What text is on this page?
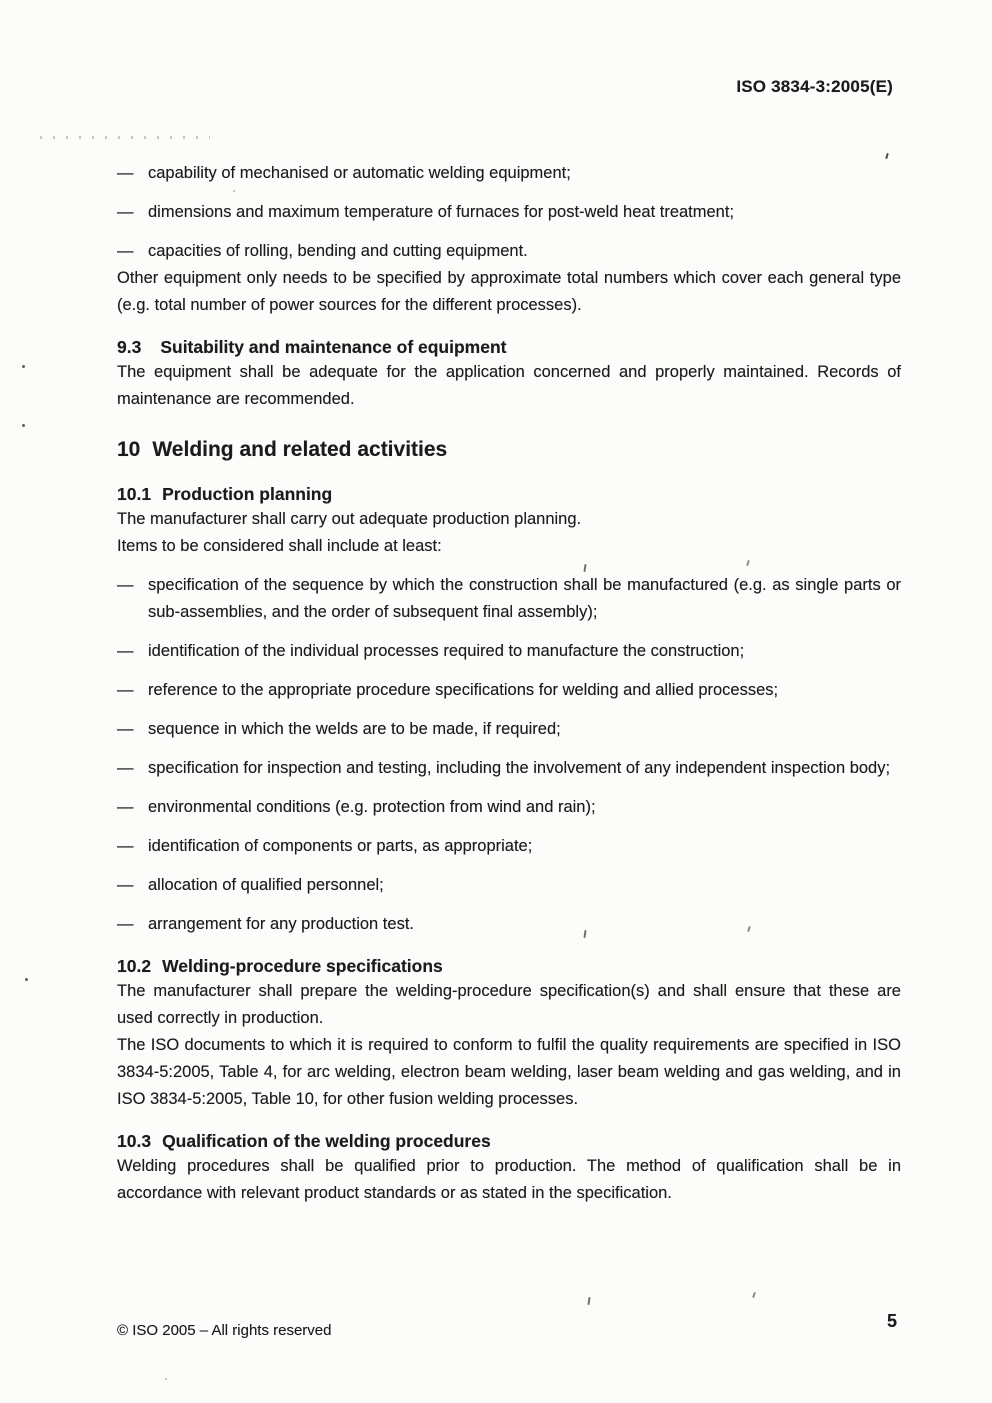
ISO 3834-3:2005(E)
— capability of mechanised or automatic welding equipment;
— dimensions and maximum temperature of furnaces for post-weld heat treatment;
— capacities of rolling, bending and cutting equipment.

Other equipment only needs to be specified by approximate total numbers which cover each general type (e.g. total number of power sources for the different processes).

9.3 Suitability and maintenance of equipment

The equipment shall be adequate for the application concerned and properly maintained. Records of maintenance are recommended.

10 Welding and related activities
10.1 Production planning

The manufacturer shall carry out adequate production planning.

Items to be considered shall include at least:

— specification of the sequence by which the construction shall be manufactured (e.g. as single parts or sub-assemblies, and the order of subsequent final assembly);
— identification of the individual processes required to manufacture the construction;
— reference to the appropriate procedure specifications for welding and allied processes;
— sequence in which the welds are to be made, if required;
— specification for inspection and testing, including the involvement of any independent inspection body;
— environmental conditions (e.g. protection from wind and rain);
— identification of components or parts, as appropriate;
— allocation of qualified personnel;
— arrangement for any production test.
10.2 Welding-procedure specifications

The manufacturer shall prepare the welding-procedure specification(s) and shall ensure that these are used correctly in production.

The ISO documents to which it is required to conform to fulfil the quality requirements are specified in ISO 3834-5:2005, Table 4, for arc welding, electron beam welding, laser beam welding and gas welding, and in ISO 3834-5:2005, Table 10, for other fusion welding processes.

10.3 Qualification of the welding procedures

Welding procedures shall be qualified prior to production. The method of qualification shall be in accordance with relevant product standards or as stated in the specification.

© ISO 2005 – All rights reserved	5
